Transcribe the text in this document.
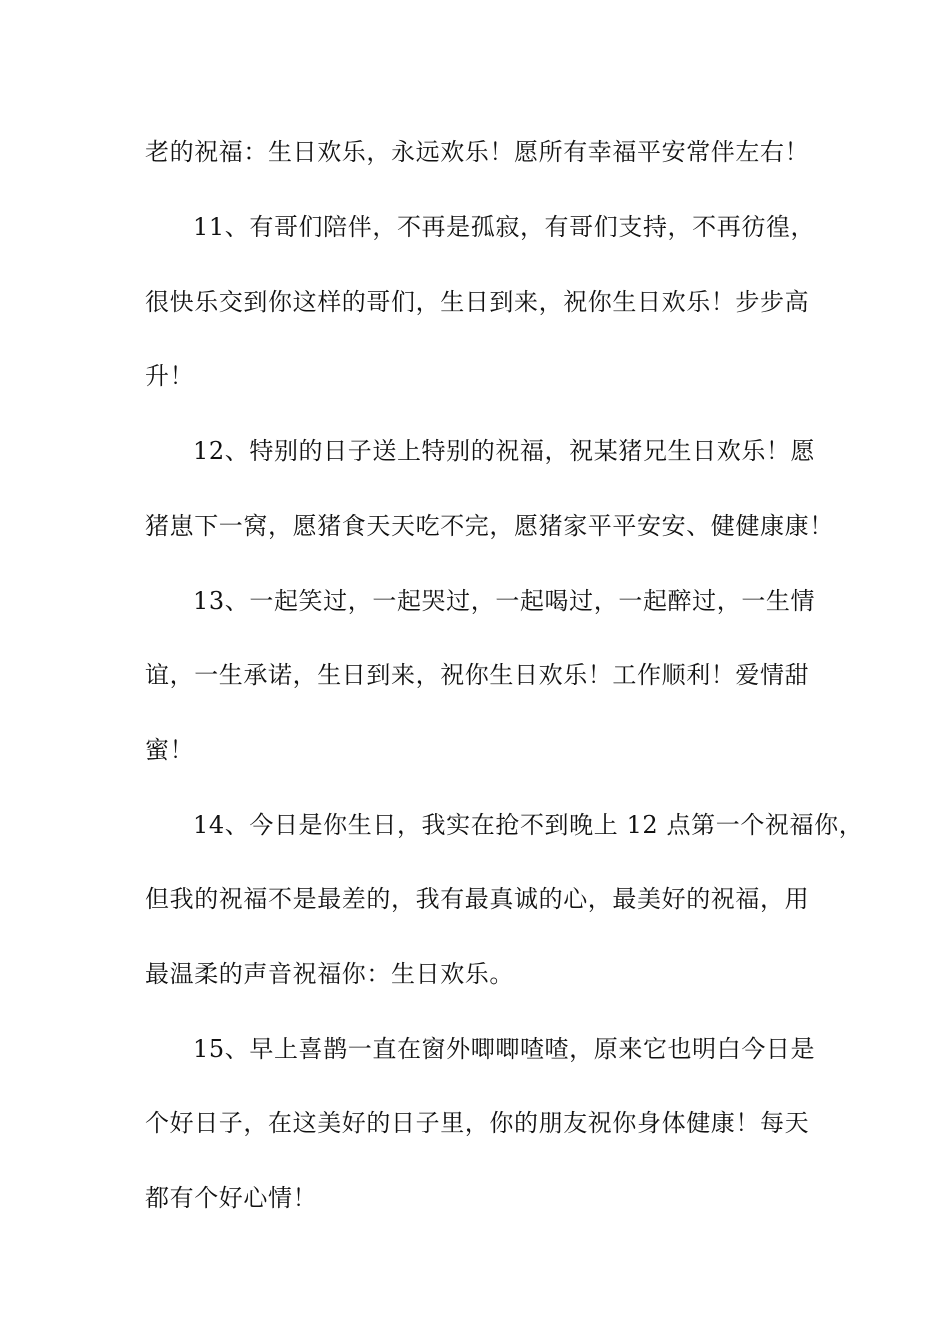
老的祝福：生日欢乐，永远欢乐！愿所有幸福平安常伴左右！
11、有哥们陪伴，不再是孤寂，有哥们支持，不再彷徨，
很快乐交到你这样的哥们，生日到来，祝你生日欢乐！步步高
升！
12、特别的日子送上特别的祝福，祝某猪兄生日欢乐！愿
猪崽下一窝，愿猪食天天吃不完，愿猪家平平安安、健健康康！
13、一起笑过，一起哭过，一起喝过，一起醉过，一生情
谊，一生承诺，生日到来，祝你生日欢乐！工作顺利！爱情甜
蜜！
14、今日是你生日，我实在抢不到晚上 12 点第一个祝福你，
但我的祝福不是最差的，我有最真诚的心，最美好的祝福，用
最温柔的声音祝福你：生日欢乐。
15、早上喜鹊一直在窗外唧唧喳喳，原来它也明白今日是
个好日子，在这美好的日子里，你的朋友祝你身体健康！每天
都有个好心情！
